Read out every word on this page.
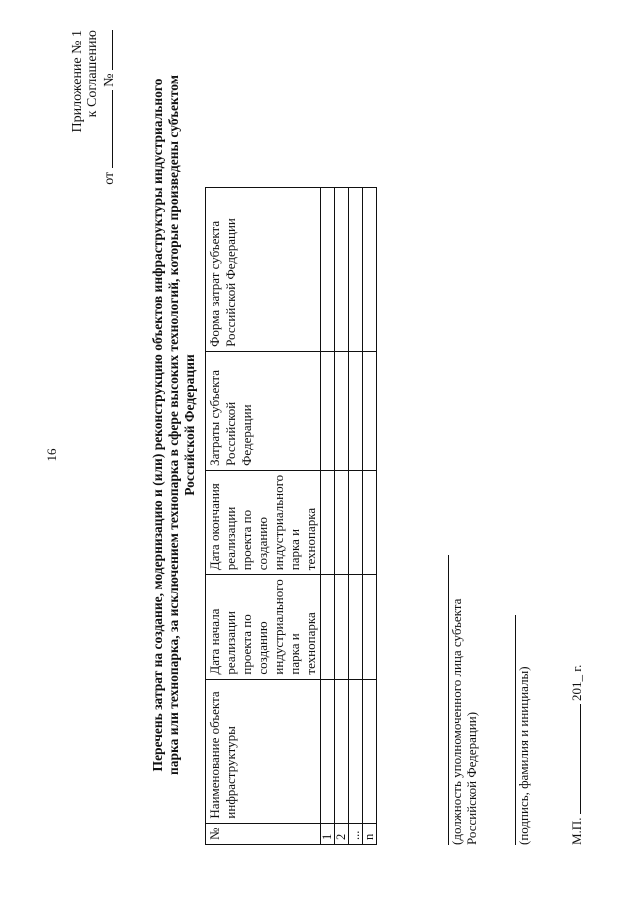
16
Приложение № 1 к Соглашению
от  № Перечень затрат на создание, модернизацию и (или) реконструкцию объектов инфраструктуры индустриального парка или технопарка, за исключением технопарка в сфере высоких технологий, которые произведены субъектом Российской Федерации
№	Наименование объекта инфраструктуры	Дата начала реализации проекта по созданию индустриального парка и технопарка	Дата окончания реализации проекта по созданию индустриального парка и технопарка	Затраты субъекта Российской Федерации	Форма затрат субъекта Российской Федерации
1					
2					
...					
n						(должность уполномоченного лица субъекта Российской Федерации)	(подпись, фамилия и инициалы)	М.П.  201_ г.
